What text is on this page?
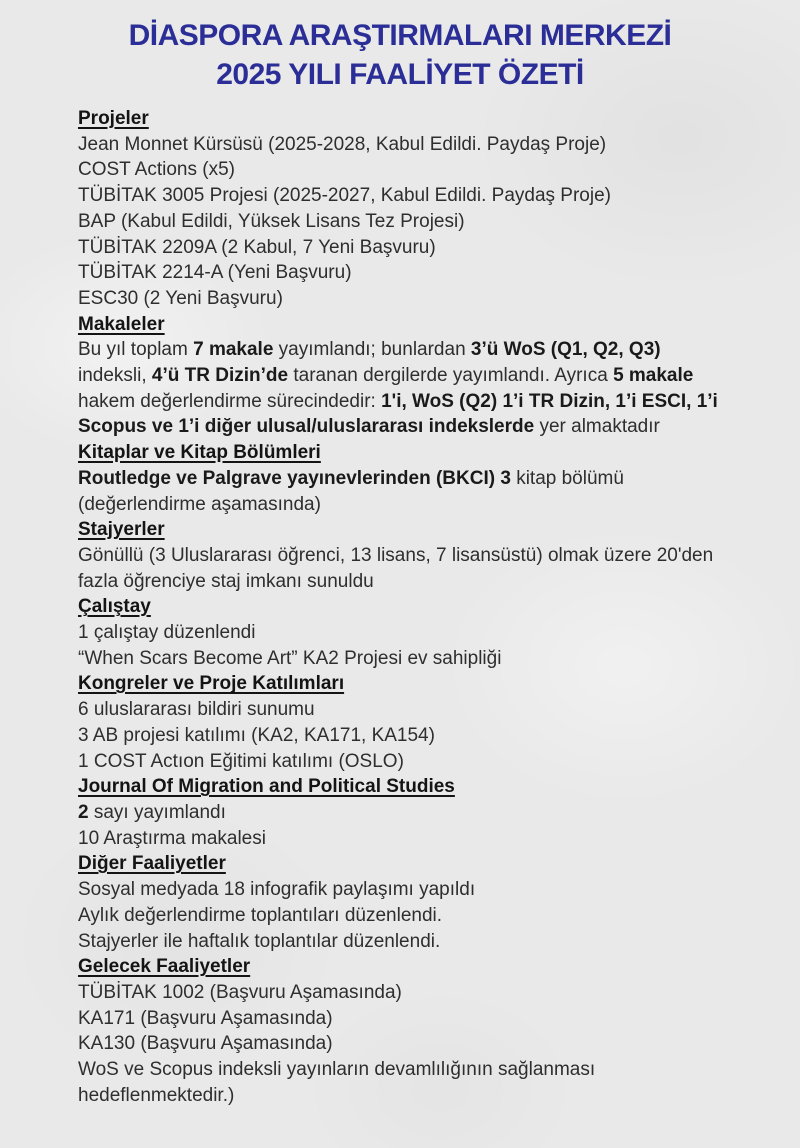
DİASPORA ARAŞTIRMALARI MERKEZİ
2025 YILI FAALİYET ÖZETİ
Projeler
Jean Monnet Kürsüsü (2025-2028, Kabul Edildi. Paydaş Proje)
COST Actions (x5)
TÜBİTAK 3005 Projesi (2025-2027, Kabul Edildi. Paydaş Proje)
BAP (Kabul Edildi, Yüksek Lisans Tez Projesi)
TÜBİTAK 2209A (2 Kabul, 7 Yeni Başvuru)
TÜBİTAK 2214-A (Yeni Başvuru)
ESC30 (2 Yeni Başvuru)
Makaleler
Bu yıl toplam 7 makale yayımlandı; bunlardan 3’ü WoS (Q1, Q2, Q3)
indeksli, 4’ü TR Dizin’de taranan dergilerde yayımlandı. Ayrıca 5 makale
hakem değerlendirme sürecindedir: 1'i, WoS (Q2) 1’i TR Dizin, 1’i ESCI, 1’i
Scopus ve 1’i diğer ulusal/uluslararası indekslerde yer almaktadır
Kitaplar ve Kitap Bölümleri
Routledge ve Palgrave yayınevlerinden (BKCI) 3 kitap bölümü
(değerlendirme aşamasında)
Stajyerler
Gönüllü (3 Uluslararası öğrenci, 13 lisans, 7 lisansüstü) olmak üzere 20'den
fazla öğrenciye staj imkanı sunuldu
Çalıştay
1 çalıştay düzenlendi
“When Scars Become Art” KA2 Projesi ev sahipliği
Kongreler ve Proje Katılımları
6 uluslararası bildiri sunumu
3 AB projesi katılımı (KA2, KA171, KA154)
1 COST Actıon Eğitimi katılımı (OSLO)
Journal Of Migration and Political Studies
2 sayı yayımlandı
10 Araştırma makalesi
Diğer Faaliyetler
Sosyal medyada 18 infografik paylaşımı yapıldı
Aylık değerlendirme toplantıları düzenlendi.
Stajyerler ile haftalık toplantılar düzenlendi.
Gelecek Faaliyetler
TÜBİTAK 1002 (Başvuru Aşamasında)
KA171 (Başvuru Aşamasında)
KA130 (Başvuru Aşamasında)
WoS ve Scopus indeksli yayınların devamlılığının sağlanması
hedeflenmektedir.)
